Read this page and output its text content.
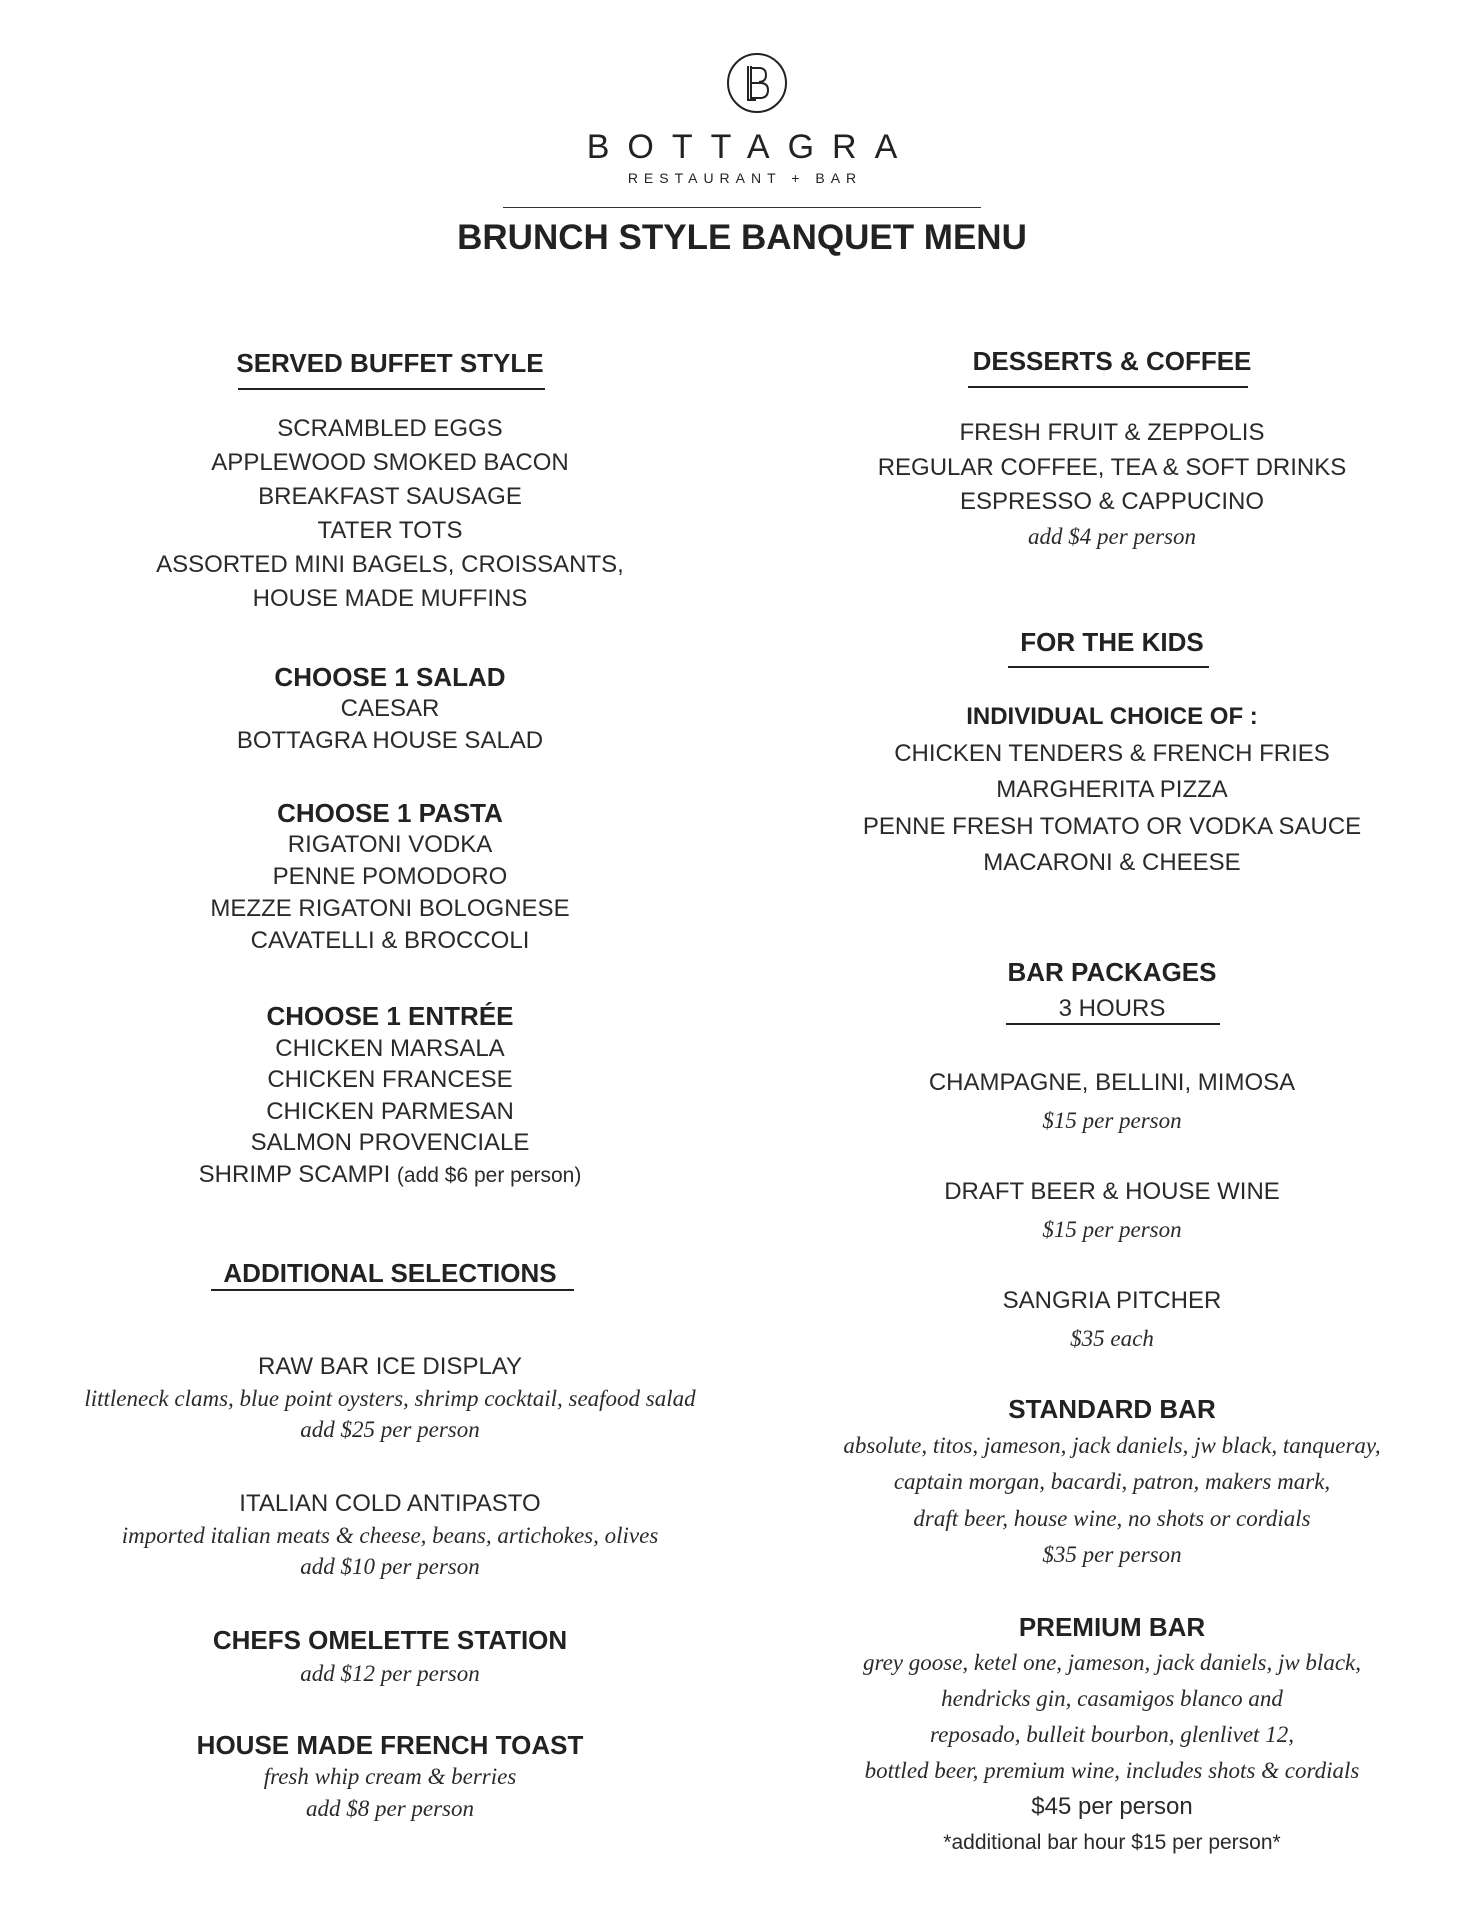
BOTTAGRA
RESTAURANT + BAR
BRUNCH STYLE BANQUET MENU
SERVED BUFFET STYLE
SCRAMBLED EGGS
APPLEWOOD SMOKED BACON
BREAKFAST SAUSAGE
TATER TOTS
ASSORTED MINI BAGELS, CROISSANTS,
HOUSE MADE MUFFINS
CHOOSE 1 SALAD
CAESAR
BOTTAGRA HOUSE SALAD
CHOOSE 1 PASTA
RIGATONI VODKA
PENNE POMODORO
MEZZE RIGATONI BOLOGNESE
CAVATELLI & BROCCOLI
CHOOSE 1 ENTRÉE
CHICKEN MARSALA
CHICKEN FRANCESE
CHICKEN PARMESAN
SALMON PROVENCIALE
SHRIMP SCAMPI (add $6 per person)
ADDITIONAL SELECTIONS
RAW BAR ICE DISPLAY
littleneck clams, blue point oysters, shrimp cocktail, seafood salad
add $25 per person
ITALIAN COLD ANTIPASTO
imported italian meats & cheese, beans, artichokes, olives
add $10 per person
CHEFS OMELETTE STATION
add $12 per person
HOUSE MADE FRENCH TOAST
fresh whip cream & berries
add $8 per person
DESSERTS & COFFEE
FRESH FRUIT & ZEPPOLIS
REGULAR COFFEE, TEA & SOFT DRINKS
ESPRESSO & CAPPUCINO
add $4 per person
FOR THE KIDS
INDIVIDUAL CHOICE OF :
CHICKEN TENDERS & FRENCH FRIES
MARGHERITA PIZZA
PENNE FRESH TOMATO OR VODKA SAUCE
MACARONI & CHEESE
BAR PACKAGES
3 HOURS
CHAMPAGNE, BELLINI, MIMOSA
$15 per person
DRAFT BEER & HOUSE WINE
$15 per person
SANGRIA PITCHER
$35 each
STANDARD BAR
absolute, titos, jameson, jack daniels, jw black, tanqueray,
captain morgan, bacardi, patron, makers mark,
draft beer, house wine, no shots or cordials
$35 per person
PREMIUM BAR
grey goose, ketel one, jameson, jack daniels, jw black,
hendricks gin, casamigos blanco and
reposado, bulleit bourbon, glenlivet 12,
bottled beer, premium wine, includes shots & cordials
$45 per person
*additional bar hour $15 per person*
